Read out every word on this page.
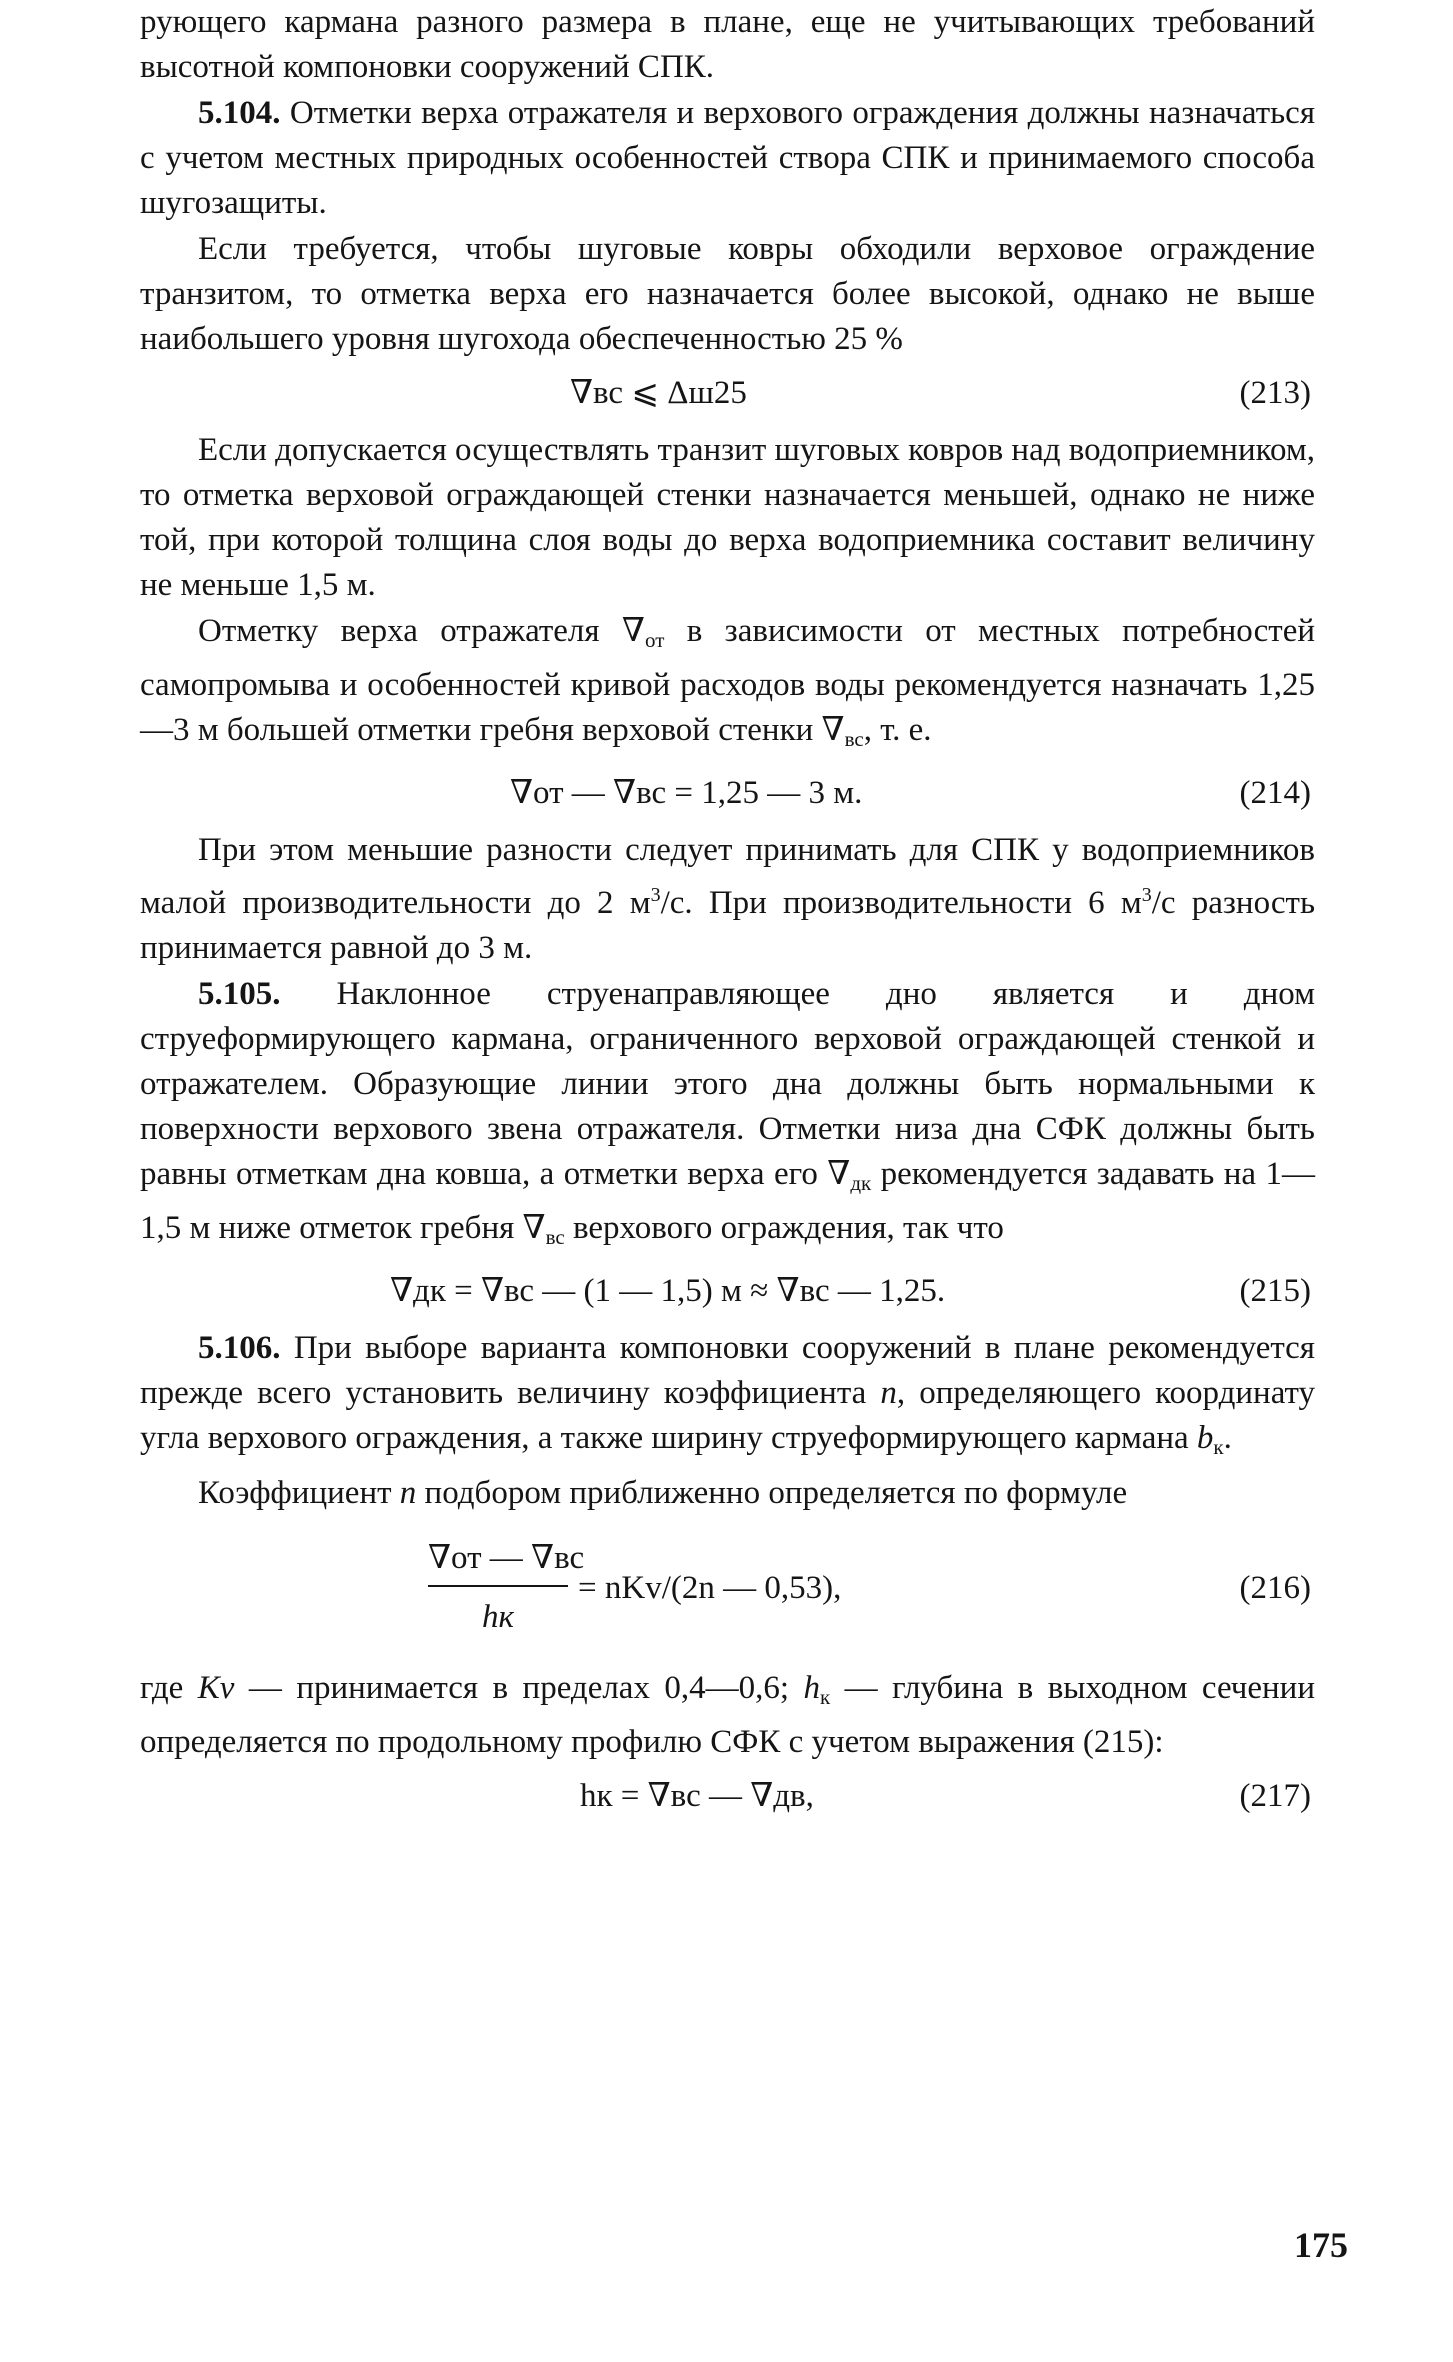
рующего кармана разного размера в плане, еще не учитывающих требований высотной компоновки сооружений СПК.

5.104. Отметки верха отражателя и верхового ограждения должны назначаться с учетом местных природных особенностей створа СПК и принимаемого способа шугозащиты.

Если требуется, чтобы шуговые ковры обходили верховое ограждение транзитом, то отметка верха его назначается более высокой, однако не выше наибольшего уровня шугохода обеспеченностью 25 %

∇вс ⩽ Δш25	(213)

Если допускается осуществлять транзит шуговых ковров над водоприемником, то отметка верховой ограждающей стенки назначается меньшей, однако не ниже той, при которой толщина слоя воды до верха водоприемника составит величину не меньше 1,5 м.

Отметку верха отражателя $\nabla_{от}$ в зависимости от местных потребностей самопромыва и особенностей кривой расходов воды рекомендуется назначать 1,25—3 м большей отметки гребня верховой стенки $\nabla_{вс}$, т. е.

∇от — ∇вс = 1,25 — 3 м.	(214)

При этом меньшие разности следует принимать для СПК у водоприемников малой производительности до 2 $м^3/с$. При производительности 6 $м^3/с$ разность принимается равной до 3 м.

5.105. Наклонное струенаправляющее дно является и дном струеформирующего кармана, ограниченного верховой ограждающей стенкой и отражателем. Образующие линии этого дна должны быть нормальными к поверхности верхового звена отражателя. Отметки низа дна СФК должны быть равны отметкам дна ковша, а отметки верха его $\nabla_{дк}$ рекомендуется задавать на 1—1,5 м ниже отметок гребня $\nabla_{вс}$ верхового ограждения, так что

∇дк = ∇вс — (1 — 1,5) м ≈ ∇вс — 1,25.	(215)

5.106. При выборе варианта компоновки сооружений в плане рекомендуется прежде всего установить величину коэффициента n, определяющего координату угла верхового ограждения, а также ширину струеформирующего кармана $b_к$.

Коэффициент n подбором приближенно определяется по формуле

∇от — ∇вс
hк
= nKv/(2n — 0,53),	(216)

где Kv — принимается в пределах 0,4—0,6; $h_к$ — глубина в выходном сечении определяется по продольному профилю СФК с учетом выражения (215):

hк = ∇вс — ∇дв,	(217)
175
